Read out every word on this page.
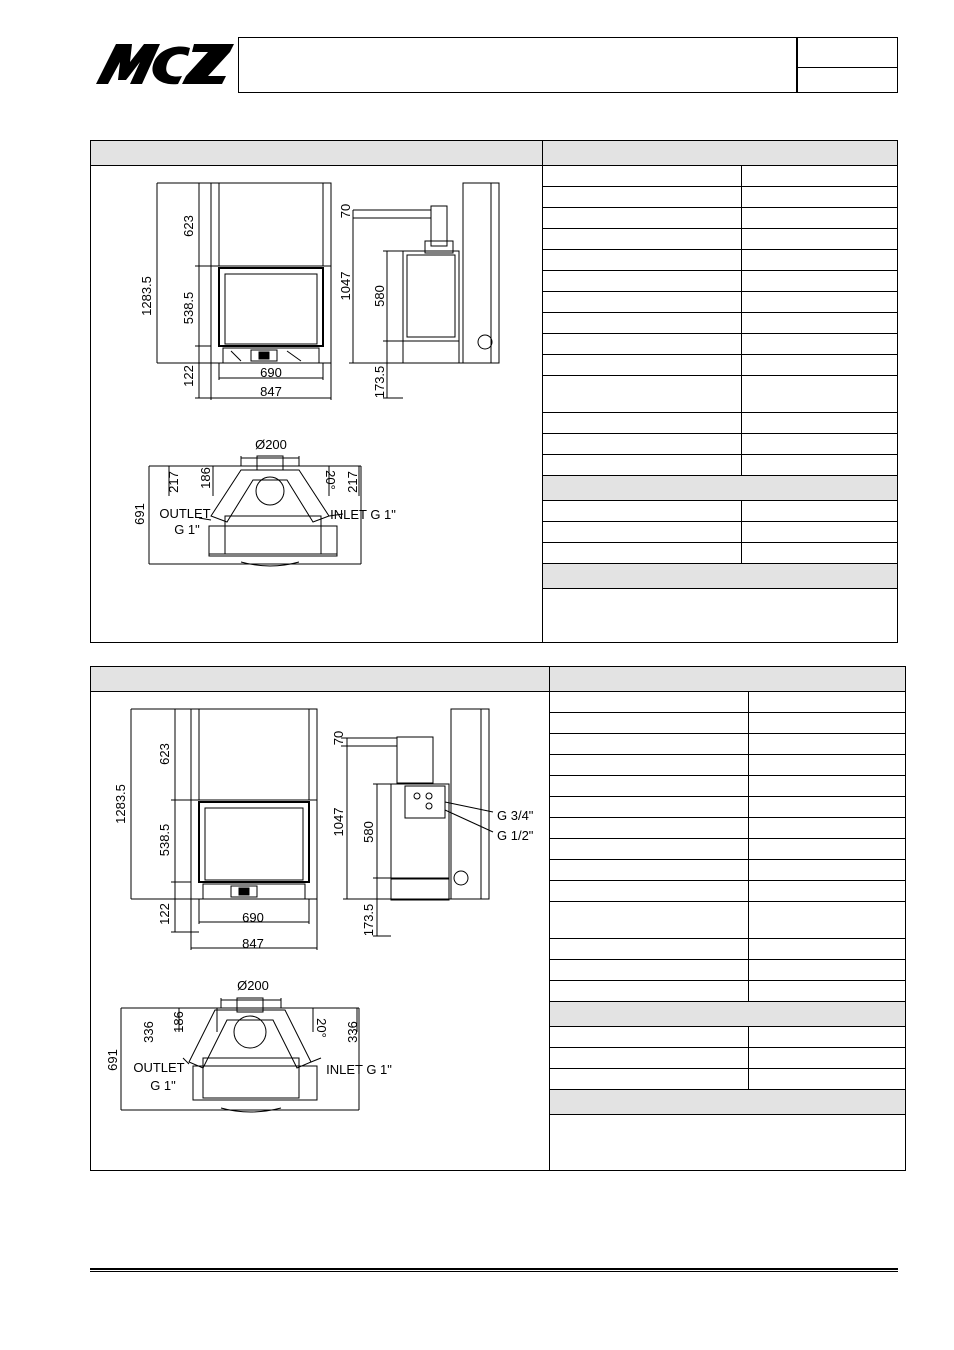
1283.5
623
538.5
122	690
847
70
1047 580
173.5
Ø200
691
217 186	20° 217
OUTLET
G 1"
INLET G 1"
1283.5
623
538.5
122	690
847
70
1047 580
173.5
G 3/4"
G 1/2"
Ø200
691
336 186	20° 336
OUTLET
G 1"
INLET G 1"
